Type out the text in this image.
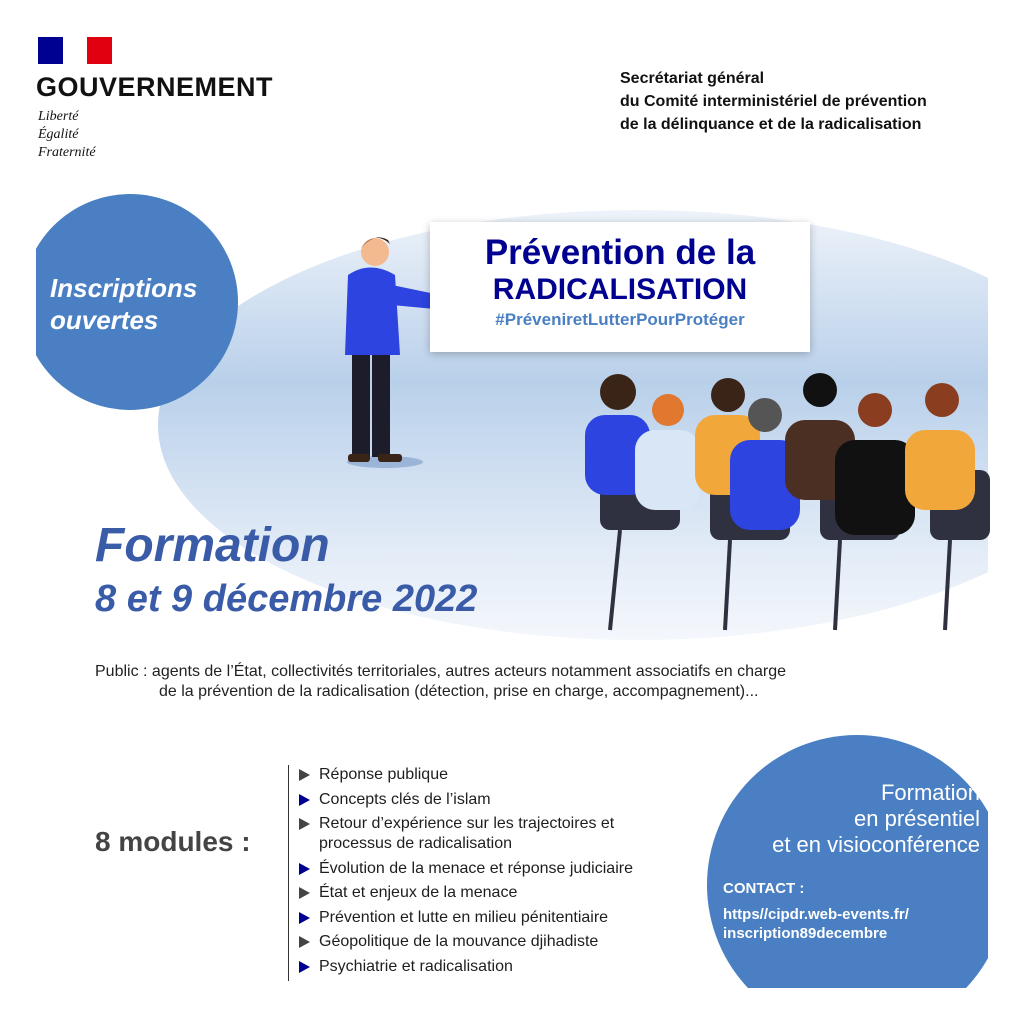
GOUVERNEMENT
Liberté
Égalité
Fraternité
Secrétariat général
du Comité interministériel de prévention
de la délinquance et de la radicalisation
Inscriptions
ouvertes
Prévention de la
RADICALISATION
#PréveniretLutterPourProtéger
Formation
8 et 9 décembre 2022
Public : agents de l’État, collectivités territoriales, autres acteurs notamment associatifs en charge
de la prévention de la radicalisation (détection, prise en charge, accompagnement)...
8 modules :
Réponse publique
Concepts clés de l’islam
Retour d’expérience sur les trajectoires et processus de radicalisation
Évolution de la menace et réponse judiciaire
État et enjeux de la menace
Prévention et lutte en milieu pénitentiaire
Géopolitique de la mouvance djihadiste
Psychiatrie et radicalisation
Formation
en présentiel
et en visioconférence
CONTACT :
https//cipdr.web-events.fr/
inscription89decembre
